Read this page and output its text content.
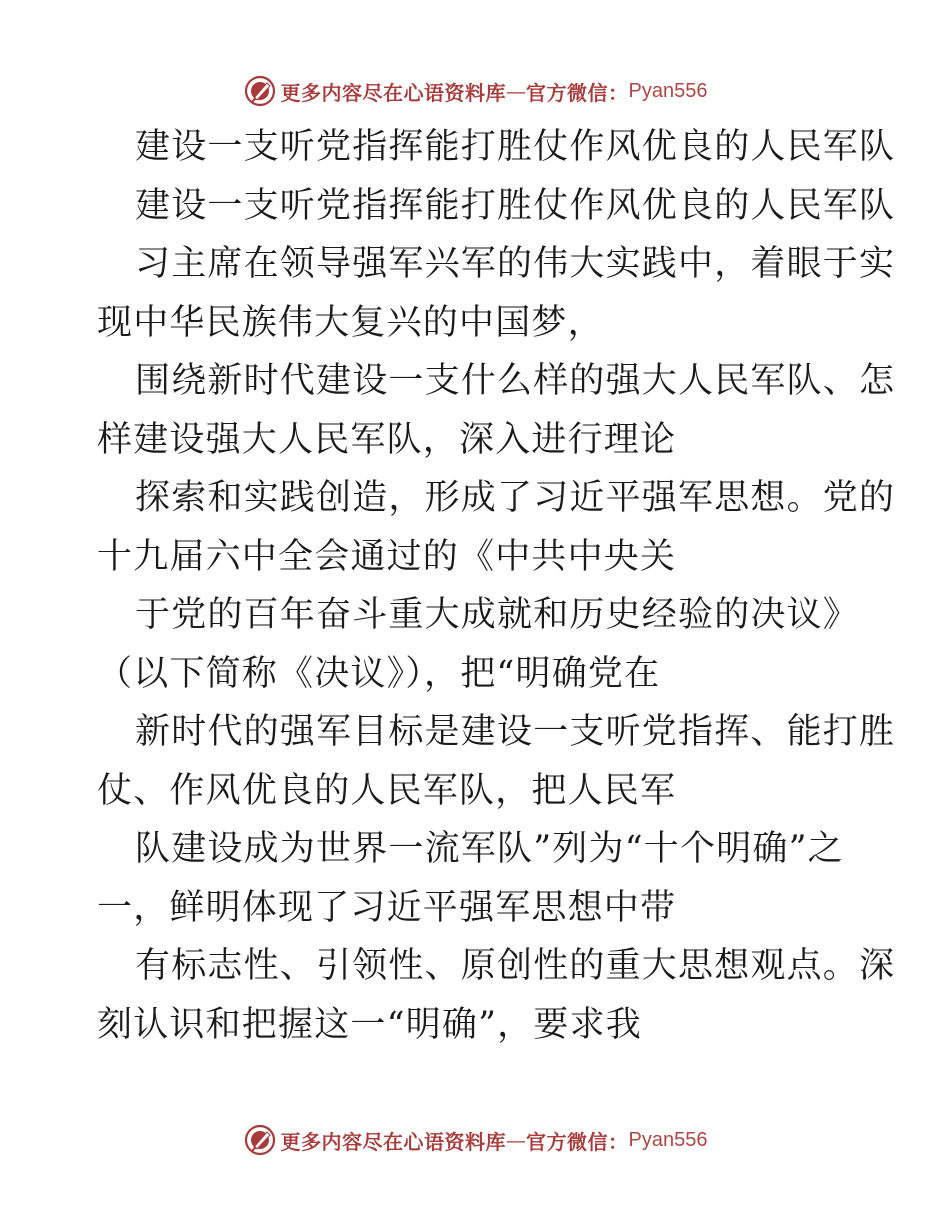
更多内容尽在心语资料库 — 官方微信： Pyan556
建设一支听党指挥能打胜仗作风优良的人民军队
建设一支听党指挥能打胜仗作风优良的人民军队
习主席在领导强军兴军的伟大实践中，着眼于实
现中华民族伟大复兴的中国梦，
围绕新时代建设一支什么样的强大人民军队、怎
样建设强大人民军队，深入进行理论
探索和实践创造，形成了习近平强军思想。党的
十九届六中全会通过的《中共中央关
于党的百年奋斗重大成就和历史经验的决议》
（以下简称《决议》），把“明确党在
新时代的强军目标是建设一支听党指挥、能打胜
仗、作风优良的人民军队，把人民军
队建设成为世界一流军队”列为“十个明确”之
一，鲜明体现了习近平强军思想中带
有标志性、引领性、原创性的重大思想观点。深
刻认识和把握这一“明确”，要求我
更多内容尽在心语资料库 — 官方微信： Pyan556
